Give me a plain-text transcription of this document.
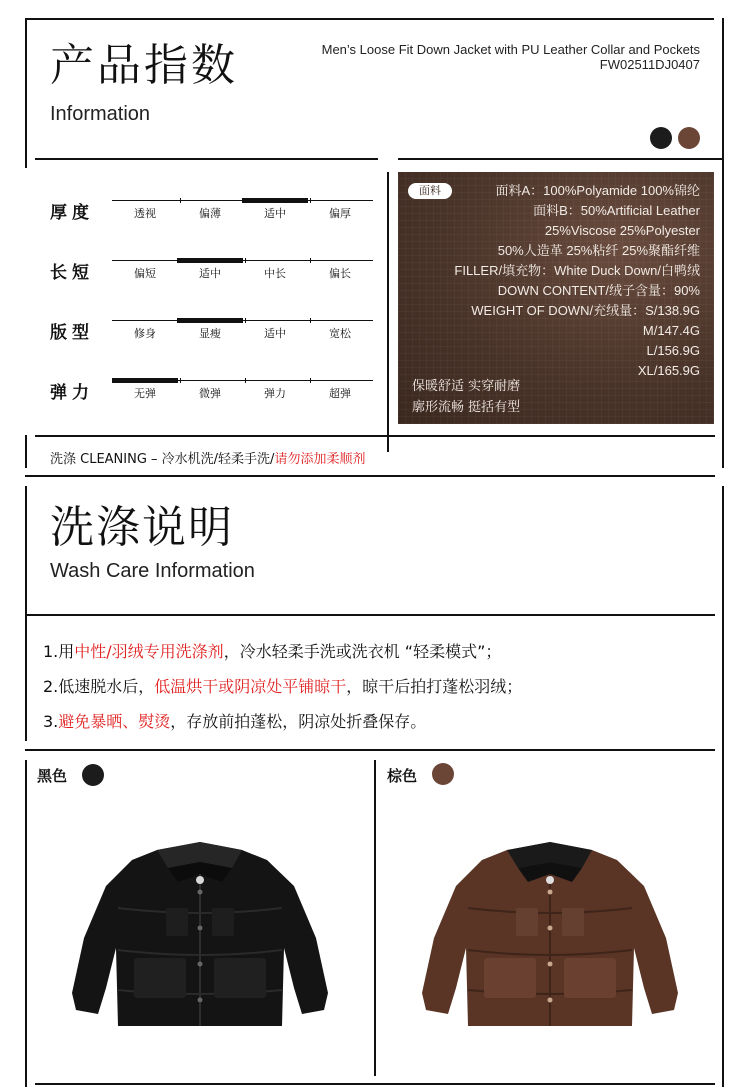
产品指数
Information
Men’s Loose Fit Down Jacket with PU Leather Collar and Pockets
FW02511DJ0407
厚度	透视	偏薄	适中	偏厚
长短	偏短	适中	中长	偏长
版型	修身	显瘦	适中	宽松
弹力	无弹	微弹	弹力	超弹
面料	面料A：100%Polyamide 100%锦纶
面料B：50%Artificial Leather
25%Viscose 25%Polyester
50%人造革 25%粘纤 25%聚酯纤维
FILLER/填充物：White Duck Down/白鸭绒
DOWN CONTENT/绒子含量：90%
WEIGHT OF DOWN/充绒量：S/138.9G
M/147.4G
L/156.9G
XL/165.9G
保暖舒适 实穿耐磨
廓形流畅 挺括有型
洗涤 CLEANING – 冷水机洗/轻柔手洗/请勿添加柔顺剂
洗涤说明
Wash Care Information
1.用中性/羽绒专用洗涤剂，冷水轻柔手洗或洗衣机 “轻柔模式”；
2.低速脱水后，低温烘干或阴凉处平铺晾干，晾干后拍打蓬松羽绒；
3.避免暴晒、熨烫，存放前拍蓬松，阴凉处折叠保存。
黑色	棕色
